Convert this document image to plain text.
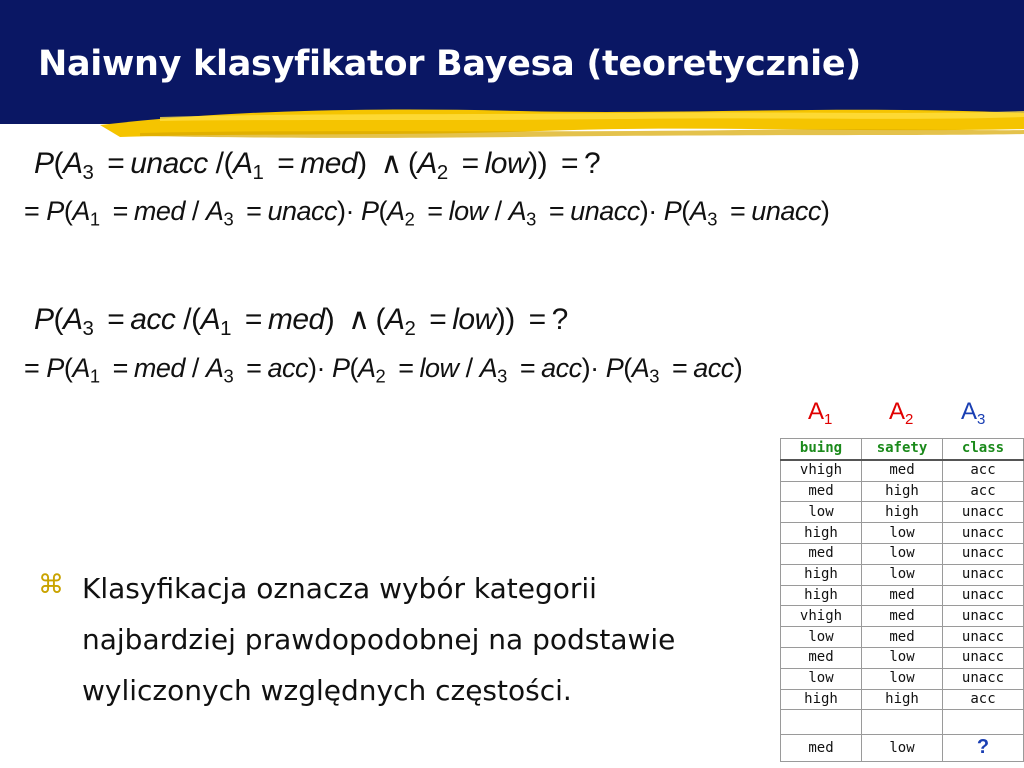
Naiwny klasyfikator Bayesa (teoretycznie)
$P(A_3$ = unacc $/(A_1 = med)$ ∧ $(A_2 = low)$) = ?
= $P(A_1$ = med / $A_3$ = unacc)· $P(A_2$ = low / $A_3$ = unacc)· $P(A_3$ = unacc)
$P(A_3$ = acc $/(A_1 = med)$ ∧ $(A_2 = low)$) = ?
= $P(A_1$ = med / $A_3 = acc)\cdot P(A_2$ = low / $A_3 = acc)\cdot P(A_3 = acc)$
⌘ Klasyfikacja oznacza wybór kategorii
najbardziej prawdopodobnej na podstawie
wyliczonych względnych częstości.
$A_1$ $A_2$ $A_3$
buing	safety	class
vhigh	med	acc
med	high	acc
low	high	unacc
high	low	unacc
med	low	unacc
high	low	unacc
high	med	unacc
vhigh	med	unacc
low	med	unacc
med	low	unacc
low	low	unacc
high	high	acc

med	low	?
